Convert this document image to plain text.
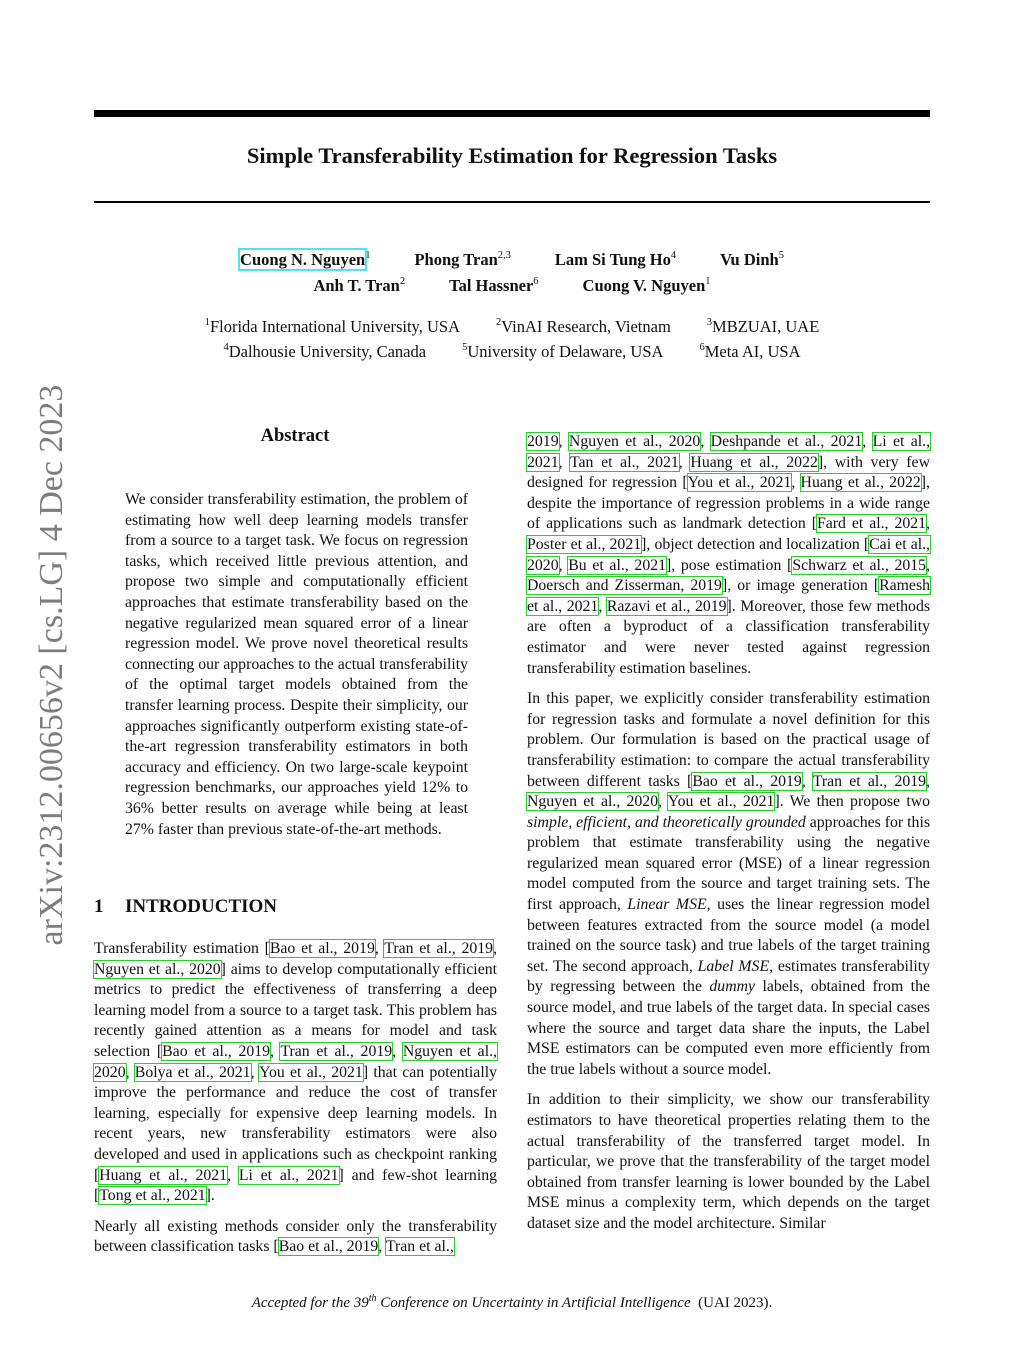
Simple Transferability Estimation for Regression Tasks
Cuong N. Nguyen$^1$	Phong Tran$^{2,3}$	Lam Si Tung Ho$^4$	Vu Dinh$^5$
Anh T. Tran$^2$	Tal Hassner$^6$	Cuong V. Nguyen$^1$
$^1$Florida International University, USA	$^2$VinAI Research, Vietnam	$^3$MBZUAI, UAE
$^4$Dalhousie University, Canada	$^5$University of Delaware, USA	$^6$Meta AI, USA
arXiv:2312.00656v2 [cs.LG] 4 Dec 2023	Abstract

We consider transferability estimation, the problem of estimating how well deep learning models transfer from a source to a target task. We focus on regression tasks, which received little previous attention, and propose two simple and computationally efficient approaches that estimate transferability based on the negative regularized mean squared error of a linear regression model. We prove novel theoretical results connecting our approaches to the actual transferability of the optimal target models obtained from the transfer learning process. Despite their simplicity, our approaches significantly outperform existing state-of-the-art regression transferability estimators in both accuracy and efficiency. On two large-scale keypoint regression benchmarks, our approaches yield 12% to 36% better results on average while being at least 27% faster than previous state-of-the-art methods.

1 INTRODUCTION

Transferability estimation [Bao et al., 2019, Tran et al., 2019, Nguyen et al., 2020] aims to develop computationally efficient metrics to predict the effectiveness of transferring a deep learning model from a source to a target task. This problem has recently gained attention as a means for model and task selection [Bao et al., 2019, Tran et al., 2019, Nguyen et al., 2020, Bolya et al., 2021, You et al., 2021] that can potentially improve the performance and reduce the cost of transfer learning, especially for expensive deep learning models. In recent years, new transferability estimators were also developed and used in applications such as checkpoint ranking [Huang et al., 2021, Li et al., 2021] and few-shot learning [Tong et al., 2021].

Nearly all existing methods consider only the transferability between classification tasks [Bao et al., 2019, Tran et al.,

2019, Nguyen et al., 2020, Deshpande et al., 2021, Li et al., 2021, Tan et al., 2021, Huang et al., 2022], with very few designed for regression [You et al., 2021, Huang et al., 2022], despite the importance of regression problems in a wide range of applications such as landmark detection [Fard et al., 2021, Poster et al., 2021], object detection and localization [Cai et al., 2020, Bu et al., 2021], pose estimation [Schwarz et al., 2015, Doersch and Zisserman, 2019], or image generation [Ramesh et al., 2021, Razavi et al., 2019]. Moreover, those few methods are often a byproduct of a classification transferability estimator and were never tested against regression transferability estimation baselines.

In this paper, we explicitly consider transferability estimation for regression tasks and formulate a novel definition for this problem. Our formulation is based on the practical usage of transferability estimation: to compare the actual transferability between different tasks [Bao et al., 2019, Tran et al., 2019, Nguyen et al., 2020, You et al., 2021]. We then propose two simple, efficient, and theoretically grounded approaches for this problem that estimate transferability using the negative regularized mean squared error (MSE) of a linear regression model computed from the source and target training sets. The first approach, Linear MSE, uses the linear regression model between features extracted from the source model (a model trained on the source task) and true labels of the target training set. The second approach, Label MSE, estimates transferability by regressing between the dummy labels, obtained from the source model, and true labels of the target data. In special cases where the source and target data share the inputs, the Label MSE estimators can be computed even more efficiently from the true labels without a source model.

In addition to their simplicity, we show our transferability estimators to have theoretical properties relating them to the actual transferability of the transferred target model. In particular, we prove that the transferability of the target model obtained from transfer learning is lower bounded by the Label MSE minus a complexity term, which depends on the target dataset size and the model architecture. Similar

Accepted for the 39th Conference on Uncertainty in Artificial Intelligence (UAI 2023).
